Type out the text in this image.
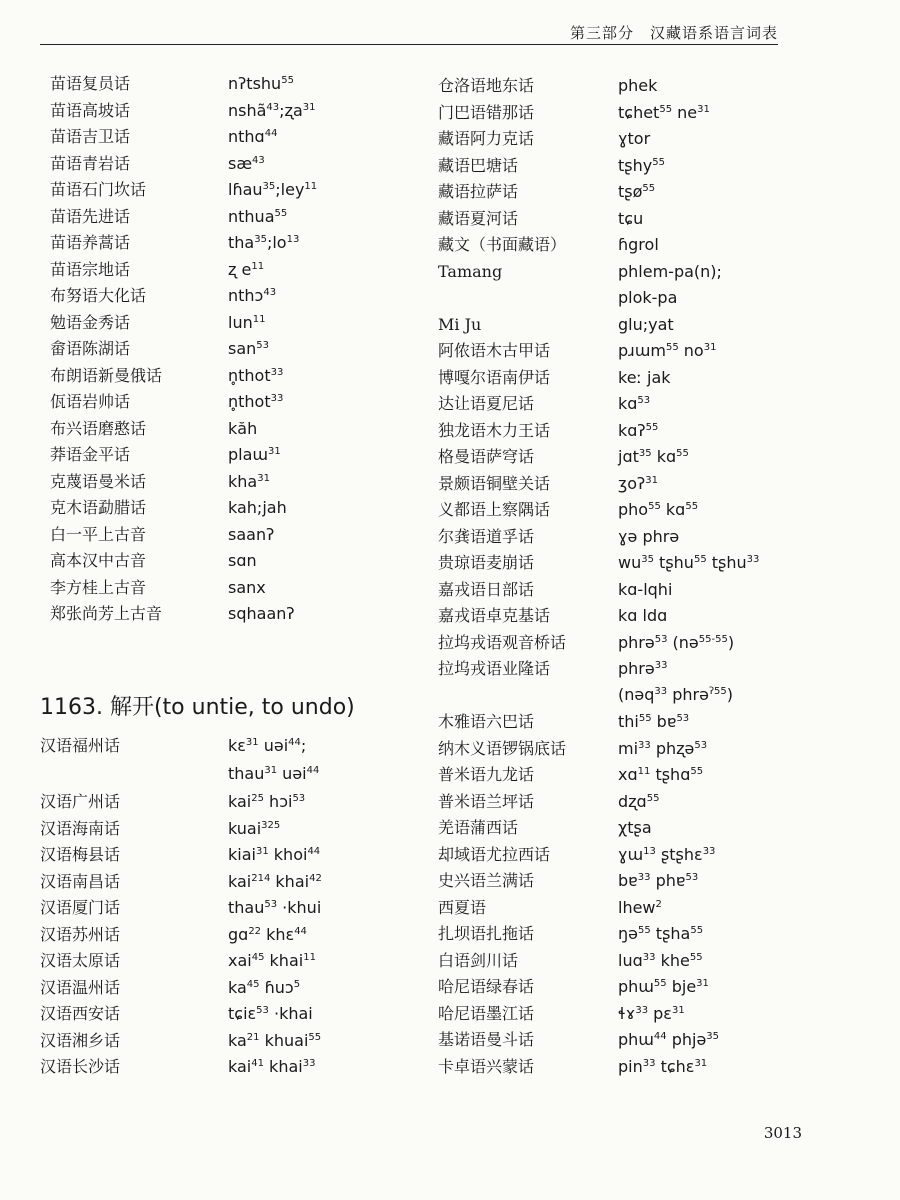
第三部分　汉藏语系语言词表
苗语复员话	nʔtshu$^{55}$
苗语高坡话	nshã$^{43}$;ʐa$^{31}$
苗语吉卫话	nthɑ$^{44}$
苗语青岩话	$sæ^{43}$
苗语石门坎话	lɦau$^{35}$;ley$^{11}$
苗语先进话	nthua$^{55}$
苗语养蒿话	$tha^{35};lo^{13}$
苗语宗地话	ʐ $e^{11}$
布努语大化话	nthɔ$^{43}$
勉语金秀话	lun$^{11}$
畲语陈湖话	san$^{53}$
布朗语新曼俄话	n̥thot$^{33}$
佤语岩帅话	n̥thot$^{33}$
布兴语磨憨话	kăh
莽语金平话	plaɯ$^{31}$
克蔑语曼米话	kha$^{31}$
克木语勐腊话	kah;jah
白一平上古音	saanʔ
高本汉中古音	sɑn
李方桂上古音	sanx
郑张尚芳上古音	sqhaanʔ
1163. 解开(to untie, to undo)
汉语福州话	kɛ$^{31}$ uəi$^{44}$;
thau$^{31}$ uəi$^{44}$
汉语广州话	kai$^{25}$ hɔi$^{53}$
汉语海南话	kuai$^{325}$
汉语梅县话	kiai$^{31}$ khoi$^{44}$
汉语南昌话	kai$^{214}$ khai$^{42}$
汉语厦门话	thau$^{53}$ ·khui
汉语苏州话	gɑ$^{22}$ khɛ$^{44}$
汉语太原话	xai$^{45}$ khai$^{11}$
汉语温州话	$ka^{45}$ ɦuɔ$^5$
汉语西安话	tɕiɛ$^{53}$ ·khai
汉语湘乡话	$ka^{21}$ khuai$^{55}$
汉语长沙话	kai$^{41}$ khai$^{33}$
仓洛语地东话	phek
门巴语错那话	tɕhet$^{55}$ $ne^{31}$
藏语阿力克话	ɣtor
藏语巴塘话	tʂhy$^{55}$
藏语拉萨话	tʂø$^{55}$
藏语夏河话	tɕu
藏文（书面藏语）	ɦgrol
Tamang	phlem-pa(n);
plok-pa
Mi Ju	glu;yat
阿侬语木古甲话	pɹɯm$^{55}$ $no^{31}$
博嘎尔语南伊话	keː jak
达让语夏尼话	kɑ$^{53}$
独龙语木力王话	kɑʔ$^{55}$
格曼语萨穹话	jɑt$^{35}$ kɑ$^{55}$
景颇语铜壁关话	ʒoʔ$^{31}$
义都语上察隅话	pho$^{55}$ kɑ$^{55}$
尔龚语道孚话	ɣə phrə
贵琼语麦崩话	$wu^{35}$ tʂhu$^{55}$ tʂhu$^{33}$
嘉戎语日部话	kɑ-lqhi
嘉戎语卓克基话	kɑ ldɑ
拉坞戎语观音桥话	phrə$^{53}$ (nə$^{55-55}$)
拉坞戎语业隆话	phrə$^{33}$
(nəq$^{33}$ phrə$^{ʔ55}$)
木雅语六巴话	thi$^{55}$ bɐ$^{53}$
纳木义语锣锅底话	$mi^{33}$ phʐə$^{53}$
普米语九龙话	xɑ$^{11}$ tʂhɑ$^{55}$
普米语兰坪话	dʐɑ$^{55}$
羌语蒲西话	χtʂa
却域语尤拉西话	ɣɯ$^{13}$ ʂtʂhɛ$^{33}$
史兴语兰满话	bɐ$^{33}$ phɐ$^{53}$
西夏语	lhew$^2$
扎坝语扎拖话	ŋə$^{55}$ tʂha$^{55}$
白语剑川话	luɑ$^{33}$ khe$^{55}$
哈尼语绿春话	phɯ$^{55}$ bje$^{31}$
哈尼语墨江话	ɬɤ$^{33}$ pɛ$^{31}$
基诺语曼斗话	phɯ$^{44}$ phjə$^{35}$
卡卓语兴蒙话	pin$^{33}$ tɕhɛ$^{31}$
3013
